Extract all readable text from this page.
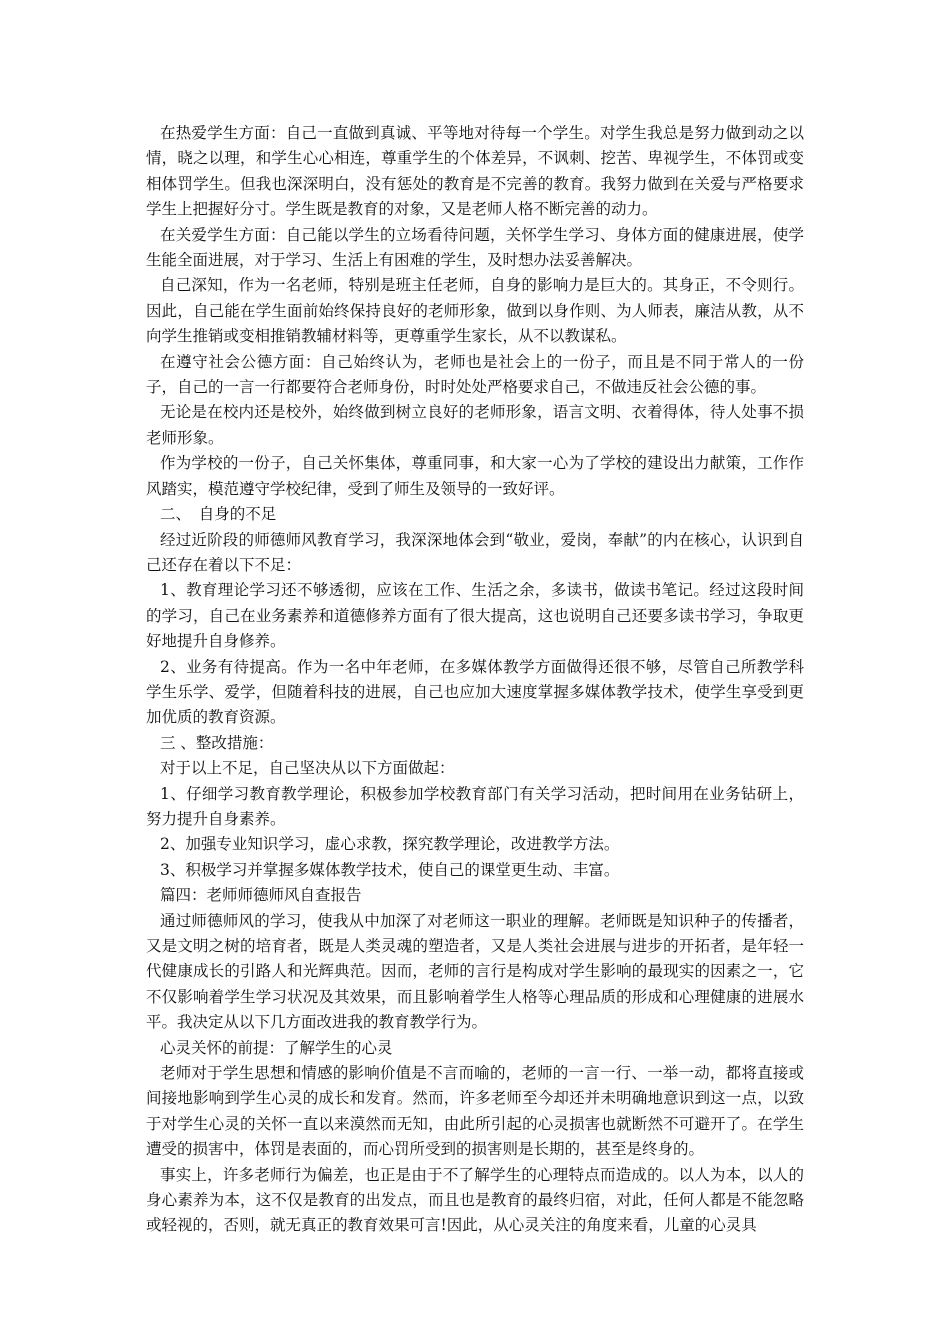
在热爱学生方面：自己一直做到真诚、平等地对待每一个学生。对学生我总是努力做到动之以情，晓之以理，和学生心心相连，尊重学生的个体差异，不讽刺、挖苦、卑视学生，不体罚或变相体罚学生。但我也深深明白，没有惩处的教育是不完善的教育。我努力做到在关爱与严格要求学生上把握好分寸。学生既是教育的对象，又是老师人格不断完善的动力。

在关爱学生方面：自己能以学生的立场看待问题，关怀学生学习、身体方面的健康进展，使学生能全面进展，对于学习、生活上有困难的学生，及时想办法妥善解决。

自己深知，作为一名老师，特别是班主任老师，自身的影响力是巨大的。其身正，不令则行。因此，自己能在学生面前始终保持良好的老师形象，做到以身作则、为人师表，廉洁从教，从不向学生推销或变相推销教辅材料等，更尊重学生家长，从不以教谋私。

在遵守社会公德方面：自己始终认为，老师也是社会上的一份子，而且是不同于常人的一份子，自己的一言一行都要符合老师身份，时时处处严格要求自己，不做违反社会公德的事。

无论是在校内还是校外，始终做到树立良好的老师形象，语言文明、衣着得体，待人处事不损老师形象。

作为学校的一份子，自己关怀集体，尊重同事，和大家一心为了学校的建设出力献策，工作作风踏实，模范遵守学校纪律，受到了师生及领导的一致好评。

二、　自身的不足

经过近阶段的师德师风教育学习，我深深地体会到“敬业，爱岗，奉献”的内在核心，认识到自己还存在着以下不足：

1、教育理论学习还不够透彻，应该在工作、生活之余，多读书，做读书笔记。经过这段时间的学习，自己在业务素养和道德修养方面有了很大提高，这也说明自己还要多读书学习，争取更好地提升自身修养。

2、业务有待提高。作为一名中年老师，在多媒体教学方面做得还很不够，尽管自己所教学科学生乐学、爱学，但随着科技的进展，自己也应加大速度掌握多媒体教学技术，使学生享受到更加优质的教育资源。

三 、整改措施：

对于以上不足，自己坚决从以下方面做起：

1、仔细学习教育教学理论，积极参加学校教育部门有关学习活动，把时间用在业务钻研上，努力提升自身素养。

2、加强专业知识学习，虚心求教，探究教学理论，改进教学方法。

3、积极学习并掌握多媒体教学技术，使自己的课堂更生动、丰富。

篇四：老师师德师风自查报告

通过师德师风的学习，使我从中加深了对老师这一职业的理解。老师既是知识种子的传播者，又是文明之树的培育者，既是人类灵魂的塑造者，又是人类社会进展与进步的开拓者，是年轻一代健康成长的引路人和光辉典范。因而，老师的言行是构成对学生影响的最现实的因素之一，它不仅影响着学生学习状况及其效果，而且影响着学生人格等心理品质的形成和心理健康的进展水平。我决定从以下几方面改进我的教育教学行为。

心灵关怀的前提：了解学生的心灵

老师对于学生思想和情感的影响价值是不言而喻的，老师的一言一行、一举一动，都将直接或间接地影响到学生心灵的成长和发育。然而，许多老师至今却还并未明确地意识到这一点，以致于对学生心灵的关怀一直以来漠然而无知，由此所引起的心灵损害也就断然不可避开了。在学生遭受的损害中，体罚是表面的，而心罚所受到的损害则是长期的，甚至是终身的。

事实上，许多老师行为偏差，也正是由于不了解学生的心理特点而造成的。以人为本，以人的身心素养为本，这不仅是教育的出发点，而且也是教育的最终归宿，对此，任何人都是不能忽略或轻视的，否则，就无真正的教育效果可言!因此，从心灵关注的角度来看，儿童的心灵具
